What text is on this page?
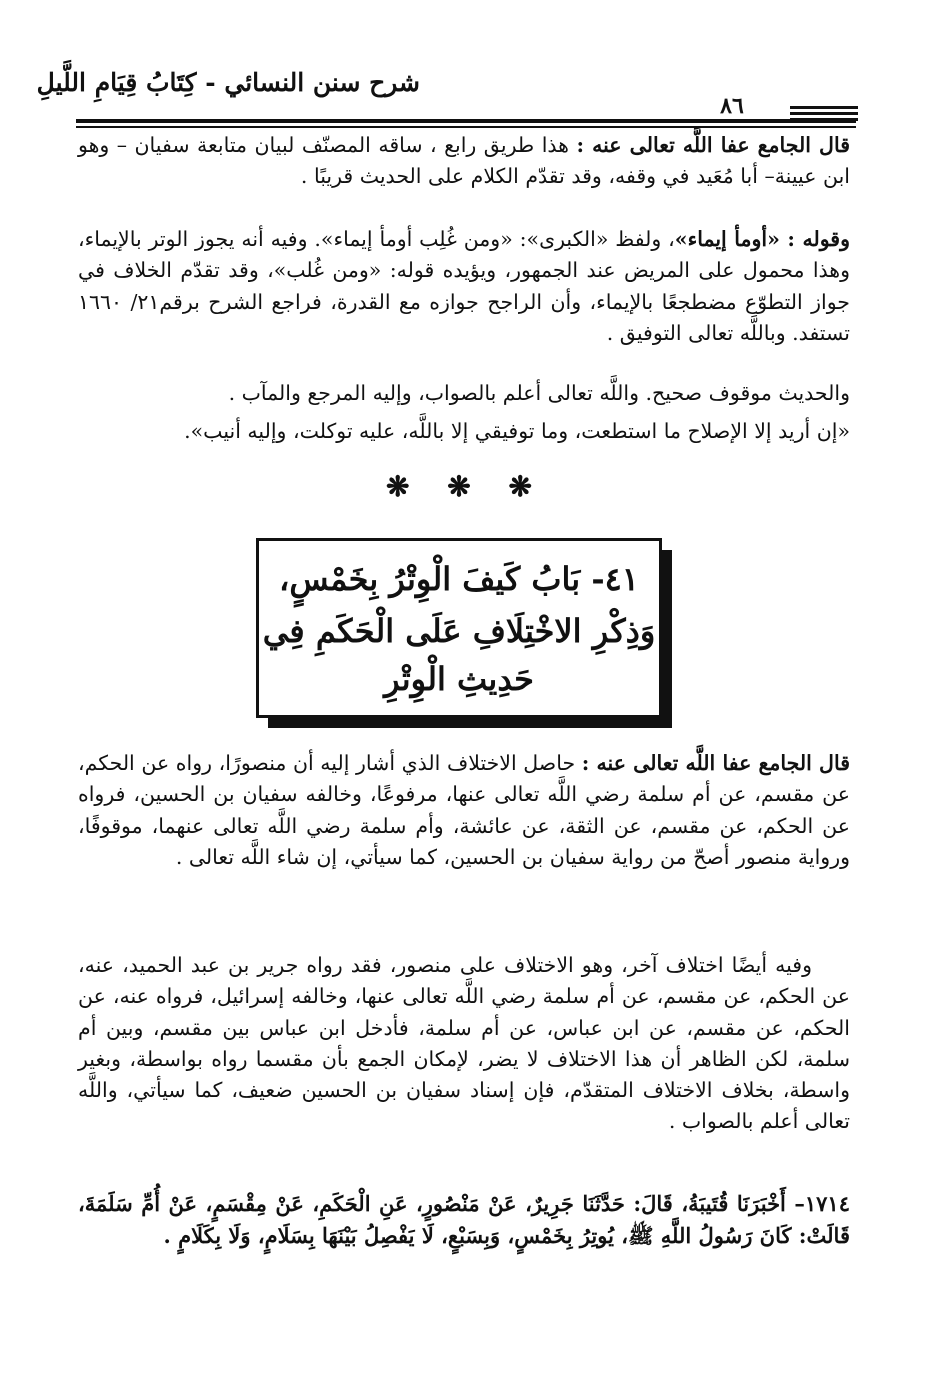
شرح سنن النسائي - كِتَابُ قِيَامِ اللَّيلِ
٨٦

قال الجامع عفا اللَّه تعالى عنه : هذا طريق رابع ، ساقه المصنّف لبيان متابعة سفيان – وهو ابن عيينة– أبا مُعَيد في وقفه، وقد تقدّم الكلام على الحديث قريبًا .

وقوله : «أومأ إيماء»، ولفظ «الكبرى»: «ومن غُلِب أومأ إيماء». وفيه أنه يجوز الوتر بالإيماء، وهذا محمول على المريض عند الجمهور، ويؤيده قوله: «ومن غُلب»، وقد تقدّم الخلاف في جواز التطوّع مضطجعًا بالإيماء، وأن الراجح جوازه مع القدرة، فراجع الشرح برقم٢١/ ١٦٦٠ تستفد. وباللَّه تعالى التوفيق .

والحديث موقوف صحيح. واللَّه تعالى أعلم بالصواب، وإليه المرجع والمآب .

«إن أريد إلا الإصلاح ما استطعت، وما توفيقي إلا باللَّه، عليه توكلت، وإليه أنيب».

❋ ❋ ❋
٤١- بَابُ كَيفَ الْوِتْرُ بِخَمْسٍ،
وَذِكْرِ الاخْتِلَافِ عَلَى الْحَكَمِ فِي
حَدِيثِ الْوِتْرِ

قال الجامع عفا اللَّه تعالى عنه : حاصل الاختلاف الذي أشار إليه أن منصورًا، رواه عن الحكم، عن مقسم، عن أم سلمة رضي اللَّه تعالى عنها، مرفوعًا، وخالفه سفيان بن الحسين، فرواه عن الحكم، عن مقسم، عن الثقة، عن عائشة، وأم سلمة رضي اللَّه تعالى عنهما، موقوفًا، ورواية منصور أصحّ من رواية سفيان بن الحسين، كما سيأتي، إن شاء اللَّه تعالى .

وفيه أيضًا اختلاف آخر، وهو الاختلاف على منصور، فقد رواه جرير بن عبد الحميد، عنه، عن الحكم، عن مقسم، عن أم سلمة رضي اللَّه تعالى عنها، وخالفه إسرائيل، فرواه عنه، عن الحكم، عن مقسم، عن ابن عباس، عن أم سلمة، فأدخل ابن عباس بين مقسم، وبين أم سلمة، لكن الظاهر أن هذا الاختلاف لا يضر، لإمكان الجمع بأن مقسما رواه بواسطة، وبغير واسطة، بخلاف الاختلاف المتقدّم، فإن إسناد سفيان بن الحسين ضعيف، كما سيأتي، واللَّه تعالى أعلم بالصواب .

١٧١٤– أَخْبَرَنَا قُتَيبَةُ، قَالَ: حَدَّثَنَا جَرِيرٌ، عَنْ مَنْصُورٍ، عَنِ الْحَكَمِ، عَنْ مِقْسَمٍ، عَنْ أُمِّ سَلَمَةَ، قَالَتْ: كَانَ رَسُولُ اللَّهِ ﷺ، يُوتِرُ بِخَمْسٍ، وَبِسَبْعٍ، لَا يَفْصِلُ بَيْنَهَا بِسَلَامٍ، وَلَا بِكَلَامٍ .
